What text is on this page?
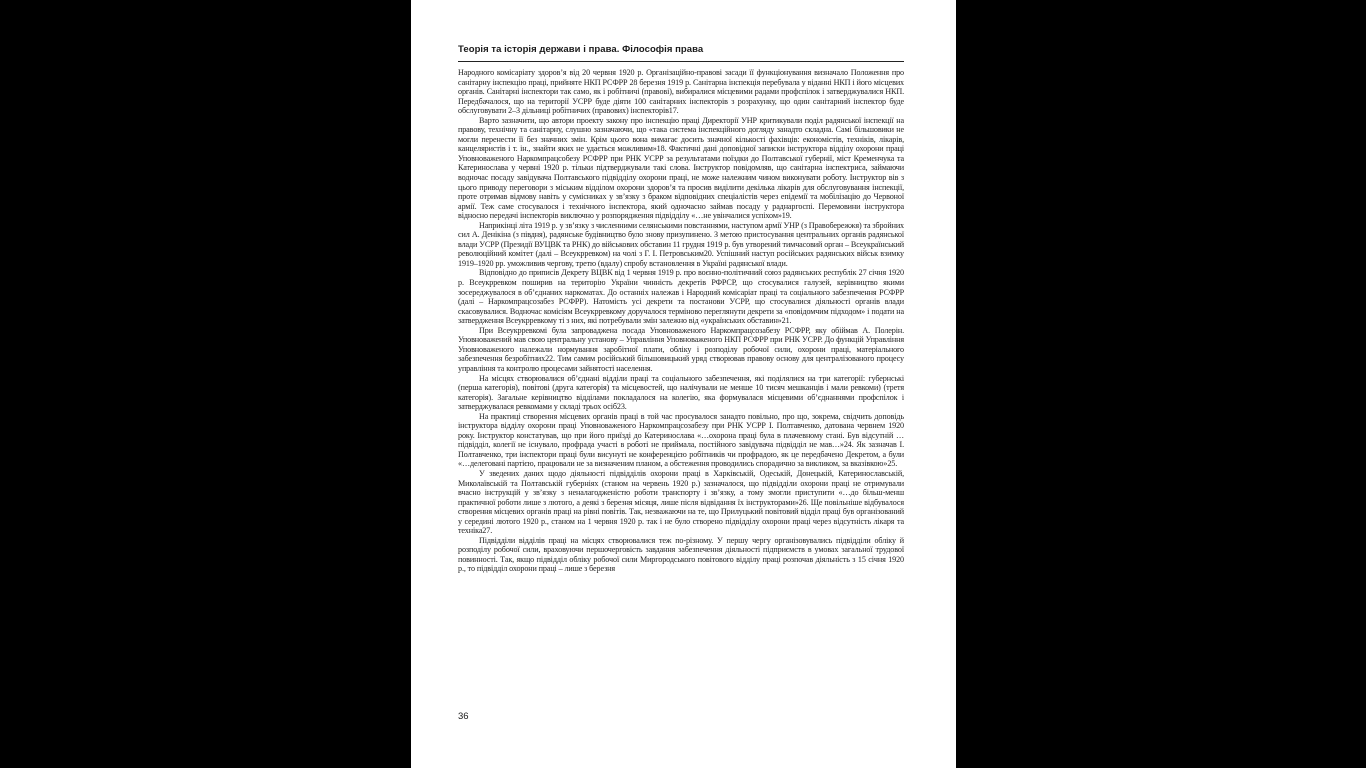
Теорія та історія держави і права. Філософія права

Народного комісаріату здоров’я від 20 червня 1920 р. Організаційно-правові засади її функціонування визначало Положення про санітарну інспекцію праці, прийняте НКП РСФРР 28 березня 1919 р. Санітарна інспекція перебувала у віданні НКП і його місцевих органів. Санітарні інспектори так само, як і робітничі (правові), вибиралися місцевими радами профспілок і затверджувалися НКП. Передбачалося, що на території УСРР буде діяти 100 санітарних інспекторів з розрахунку, що один санітарний інспектор буде обслуговувати 2–3 дільниці робітничих (правових) інспекторів17.

Варто зазначити, що автори проекту закону про інспекцію праці Директорії УНР критикували поділ радянської інспекції на правову, технічну та санітарну, слушно зазначаючи, що «така система інспекційного догляду занадто складна. Самі більшовики не могли перенести її без значних змін. Крім цього вона вимагає досить значної кількості фахівців: економістів, техніків, лікарів, канцеляристів і т. ін., знайти яких не удається можливим»18. Фактичні дані доповідної записки інструктора відділу охорони праці Уповноваженого Наркомпрацсобезу РСФРР при РНК УСРР за результатами поїздки до Полтавської губернії, міст Кременчука та Катеринослава у червні 1920 р. тільки підтверджували такі слова. Інструктор повідомляв, що санітарна інспектриса, займаючи водночас посаду завідувача Полтавського підвідділу охорони праці, не може належним чином виконувати роботу. Інструктор вів з цього приводу переговори з міським відділом охорони здоров’я та просив виділити декілька лікарів для обслуговування інспекції, проте отримав відмову навіть у сумісниках у зв’язку з браком відповідних спеціалістів через епідемії та мобілізацію до Червоної армії. Теж саме стосувалося і технічного інспектора, який одночасно займав посаду у раднаргоспі. Перемовини інструктора відносно передачі інспекторів виключно у розпорядження підвідділу «…не увінчалися успіхом»19.

Наприкінці літа 1919 р. у зв’язку з численними селянськими повстаннями, наступом армії УНР (з Правобережжя) та збройних сил А. Денікіна (з півдня), радянське будівництво було знову призупинено. З метою пристосування центральних органів радянської влади УСРР (Президії ВУЦВК та РНК) до військових обставин 11 грудня 1919 р. був утворений тимчасовий орган – Всеукраїнський революційний комітет (далі – Всеукрревком) на чолі з Г. І. Петровським20. Успішний наступ російських радянських військ взимку 1919–1920 рр. уможливив чергову, третю (вдалу) спробу встановлення в Україні радянської влади.

Відповідно до приписів Декрету ВЦВК від 1 червня 1919 р. про воєнно-політичний союз радянських республік 27 січня 1920 р. Всеукрревком поширив на територію України чинність декретів РФРСР, що стосувалися галузей, керівництво якими зосереджувалося в об’єднаних наркоматах. До останніх належав і Народний комісаріат праці та соціального забезпечення РСФРР (далі – Наркомпрацсозабез РСФРР). Натомість усі декрети та постанови УСРР, що стосувалися діяльності органів влади скасовувалися. Водночас комісіям Всеукрревкому доручалося терміново переглянути декрети за «повідомчим підходом» і подати на затвердження Всеукрревкому ті з них, які потребували змін залежно від «українських обставин»21.

При Всеукрревкомі була запроваджена посада Уповноваженого Наркомпрацсозабезу РСФРР, яку обіймав А. Полерін. Уповноважений мав свою центральну установу – Управління Уповноваженого НКП РСФРР при РНК УСРР. До функцій Управління Уповноваженого належали нормування заробітної плати, обліку і розподілу робочої сили, охорони праці, матеріального забезпечення безробітних22. Тим самим російський більшовицький уряд створював правову основу для централізованого процесу управління та контролю процесами зайнятості населення.

На місцях створювалися об’єднані відділи праці та соціального забезпечення, які поділялися на три категорії: губернські (перша категорія), повітові (друга категорія) та місцевостей, що налічували не менше 10 тисяч мешканців і мали ревкоми) (третя категорія). Загальне керівництво відділами покладалося на колегію, яка формувалася місцевими об’єднаннями профспілок і затверджувалася ревкомами у складі трьох осіб23.

На практиці створення місцевих органів праці в той час просувалося занадто повільно, про що, зокрема, свідчить доповідь інструктора відділу охорони праці Уповноваженого Наркомпрацсозабезу при РНК УСРР І. Полтавченко, датована червнем 1920 року. Інструктор констатував, що при його приїзді до Катеринослава «…охорона праці була в плачевному стані. Був відсутній … підвідділ, колегії не існувало, профрада участі в роботі не приймала, постійного завідувача підвідділ не мав…»24. Як зазначав І. Полтавченко, три інспектори праці були висунуті не конференцією робітників чи профрадою, як це передбачено Декретом, а були «…делеговані партією, працювали не за визначеним планом, а обстеження проводились спорадично за викликом, за вказівкою»25.

У зведених даних щодо діяльності підвідділів охорони праці в Харківській, Одеській, Донецькій, Катеринославській, Миколаївській та Полтавській губерніях (станом на червень 1920 р.) зазначалося, що підвідділи охорони праці не отримували вчасно інструкцій у зв’язку з неналагодженістю роботи транспорту і зв’язку, а тому змогли приступити «…до більш-менш практичної роботи лише з лютого, а деякі з березня місяця, лише після відвідання їх інструкторами»26. Ще повільніше відбувалося створення місцевих органів праці на рівні повітів. Так, незважаючи на те, що Прилуцький повітовий відділ праці був організований у середині лютого 1920 р., станом на 1 червня 1920 р. так і не було створено підвідділу охорони праці через відсутність лікаря та техніка27.

Підвідділи відділів праці на місцях створювалися теж по-різному. У першу чергу організовувались підвідділи обліку й розподілу робочої сили, враховуючи першочерговість завдання забезпечення діяльності підприємств в умовах загальної трудової повинності. Так, якщо підвідділ обліку робочої сили Миргородського повітового відділу праці розпочав діяльність з 15 січня 1920 р., то підвідділ охорони праці – лише з березня

36
